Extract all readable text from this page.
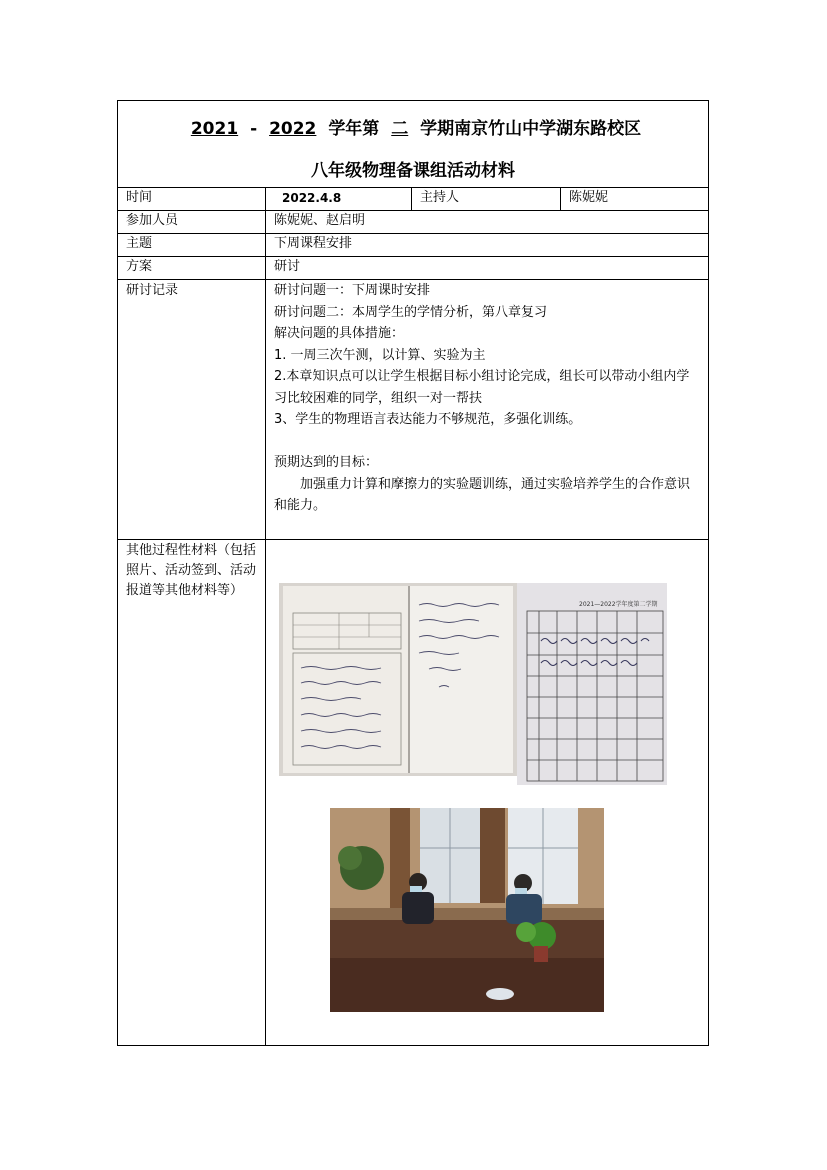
2021 - 2022 学年第 二 学期南京竹山中学湖东路校区
八年级物理备课组活动材料
时间	2022.4.8	主持人	陈妮妮
参加人员	陈妮妮、赵启明
主题	下周课程安排
方案	研讨
研讨记录	研讨问题一：下周课时安排

研讨问题二：本周学生的学情分析，第八章复习

解决问题的具体措施：

1. 一周三次午测，以计算、实验为主

2.本章知识点可以让学生根据目标小组讨论完成，组长可以带动小组内学习比较困难的同学，组织一对一帮扶

3、学生的物理语言表达能力不够规范，多强化训练。

预期达到的目标：

加强重力计算和摩擦力的实验题训练，通过实验培养学生的合作意识和能力。

其他过程性材料（包括照片、活动签到、活动报道等其他材料等）
2021—2022学年度第二学期
